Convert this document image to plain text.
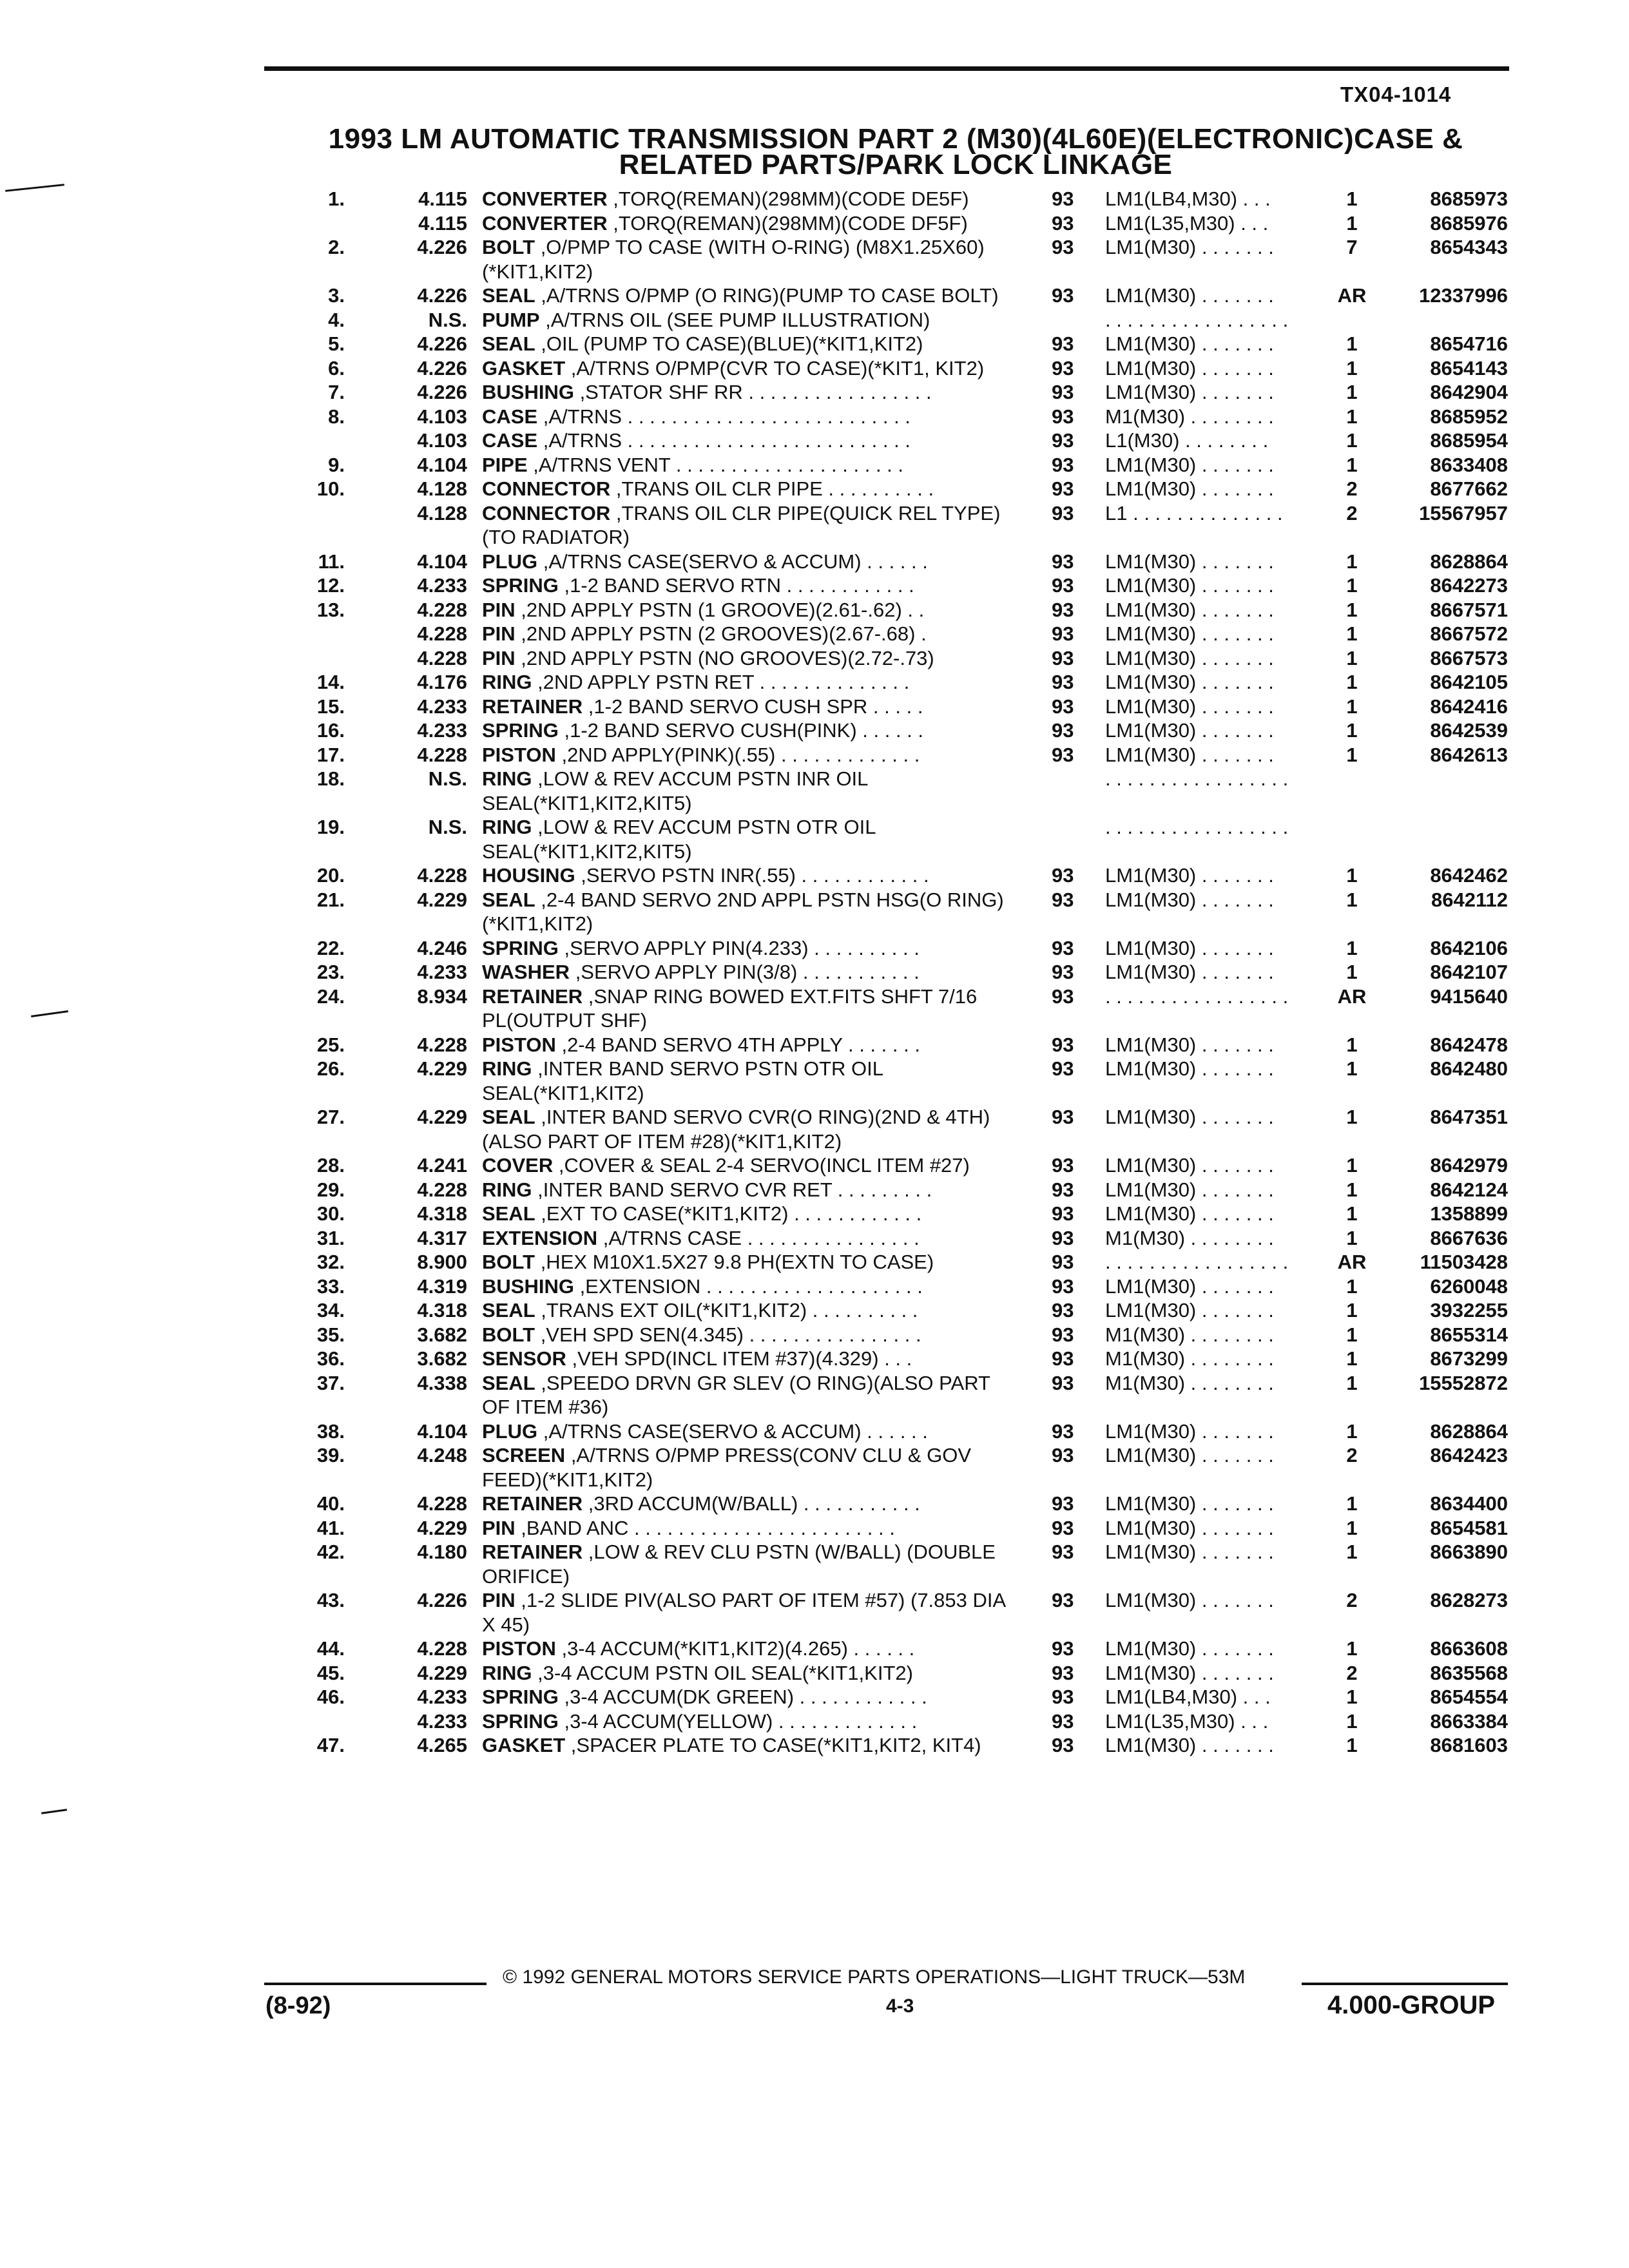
TX04-1014
1993 LM AUTOMATIC TRANSMISSION PART 2 (M30)(4L60E)(ELECTRONIC)CASE &
RELATED PARTS/PARK LOCK LINKAGE
1.	4.115 CONVERTER ,TORQ(REMAN)(298MM)(CODE DE5F)	93 LM1(LB4,M30) . . .	1	8685973
4.115 CONVERTER ,TORQ(REMAN)(298MM)(CODE DF5F)	93 LM1(L35,M30) . . .	1	8685976
2.	4.226 BOLT ,O/PMP TO CASE (WITH O-RING) (M8X1.25X60)(*KIT1,KIT2)
93 LM1(M30) . . . . . . .	7	8654343
3.	4.226 SEAL ,A/TRNS O/PMP (O RING)(PUMP TO CASE BOLT)	93 LM1(M30) . . . . . . .	AR	12337996
4.	N.S. PUMP ,A/TRNS OIL (SEE PUMP ILLUSTRATION)	. . . . . . . . . . . . . . . . .
5.	4.226 SEAL ,OIL (PUMP TO CASE)(BLUE)(*KIT1,KIT2)	93 LM1(M30) . . . . . . .	1	8654716
6.	4.226 GASKET ,A/TRNS O/PMP(CVR TO CASE)(*KIT1, KIT2)	93 LM1(M30) . . . . . . .	1	8654143
7.	4.226 BUSHING ,STATOR SHF RR . . . . . . . . . . . . . . . . .	93 LM1(M30) . . . . . . .	1	8642904
8.	4.103 CASE ,A/TRNS . . . . . . . . . . . . . . . . . . . . . . . . . .	93 M1(M30) . . . . . . . .	1	8685952
4.103 CASE ,A/TRNS . . . . . . . . . . . . . . . . . . . . . . . . . .	93 L1(M30) . . . . . . . .	1	8685954
9.	4.104 PIPE ,A/TRNS VENT . . . . . . . . . . . . . . . . . . . . .	93 LM1(M30) . . . . . . .	1	8633408
10.	4.128 CONNECTOR ,TRANS OIL CLR PIPE . . . . . . . . . .	93 LM1(M30) . . . . . . .	2	8677662
4.128 CONNECTOR ,TRANS OIL CLR PIPE(QUICK REL TYPE)(TO RADIATOR)
93 L1 . . . . . . . . . . . . . .	2	15567957
11.	4.104 PLUG ,A/TRNS CASE(SERVO & ACCUM) . . . . . .	93 LM1(M30) . . . . . . .	1	8628864
12.	4.233 SPRING ,1-2 BAND SERVO RTN . . . . . . . . . . . .	93 LM1(M30) . . . . . . .	1	8642273
13.	4.228 PIN ,2ND APPLY PSTN (1 GROOVE)(2.61-.62) . .	93 LM1(M30) . . . . . . .	1	8667571
4.228 PIN ,2ND APPLY PSTN (2 GROOVES)(2.67-.68) .	93 LM1(M30) . . . . . . .	1	8667572
4.228 PIN ,2ND APPLY PSTN (NO GROOVES)(2.72-.73)	93 LM1(M30) . . . . . . .	1	8667573
14.	4.176 RING ,2ND APPLY PSTN RET . . . . . . . . . . . . . .	93 LM1(M30) . . . . . . .	1	8642105
15.	4.233 RETAINER ,1-2 BAND SERVO CUSH SPR . . . . .	93 LM1(M30) . . . . . . .	1	8642416
16.	4.233 SPRING ,1-2 BAND SERVO CUSH(PINK) . . . . . .	93 LM1(M30) . . . . . . .	1	8642539
17.	4.228 PISTON ,2ND APPLY(PINK)(.55) . . . . . . . . . . . . .	93 LM1(M30) . . . . . . .	1	8642613
18.	N.S. RING ,LOW & REV ACCUM PSTN INR OIL SEAL(*KIT1,KIT2,KIT5)
. . . . . . . . . . . . . . . . .
19.	N.S. RING ,LOW & REV ACCUM PSTN OTR OIL SEAL(*KIT1,KIT2,KIT5)
. . . . . . . . . . . . . . . . .
20.	4.228 HOUSING ,SERVO PSTN INR(.55) . . . . . . . . . . . .	93 LM1(M30) . . . . . . .	1	8642462
21.	4.229 SEAL ,2-4 BAND SERVO 2ND APPL PSTN HSG(O RING)(*KIT1,KIT2)
93 LM1(M30) . . . . . . .	1	8642112
22.	4.246 SPRING ,SERVO APPLY PIN(4.233) . . . . . . . . . .	93 LM1(M30) . . . . . . .	1	8642106
23.	4.233 WASHER ,SERVO APPLY PIN(3/8) . . . . . . . . . . .	93 LM1(M30) . . . . . . .	1	8642107
24.	8.934 RETAINER ,SNAP RING BOWED EXT.FITS SHFT 7/16 PL(OUTPUT SHF)
93 . . . . . . . . . . . . . . . . . AR	9415640
25.	4.228 PISTON ,2-4 BAND SERVO 4TH APPLY . . . . . . .	93 LM1(M30) . . . . . . .	1	8642478
26.	4.229 RING ,INTER BAND SERVO PSTN OTR OIL SEAL(*KIT1,KIT2)
93 LM1(M30) . . . . . . .	1	8642480
27.	4.229 SEAL ,INTER BAND SERVO CVR(O RING)(2ND & 4TH)(ALSO PART OF ITEM #28)(*KIT1,KIT2)
93 LM1(M30) . . . . . . .	1	8647351
28.	4.241 COVER ,COVER & SEAL 2-4 SERVO(INCL ITEM #27)	93 LM1(M30) . . . . . . .	1	8642979
29.	4.228 RING ,INTER BAND SERVO CVR RET . . . . . . . . .	93 LM1(M30) . . . . . . .	1	8642124
30.	4.318 SEAL ,EXT TO CASE(*KIT1,KIT2) . . . . . . . . . . . .	93 LM1(M30) . . . . . . .	1	1358899
31.	4.317 EXTENSION ,A/TRNS CASE . . . . . . . . . . . . . . . .	93 M1(M30) . . . . . . . .	1	8667636
32.	8.900 BOLT ,HEX M10X1.5X27 9.8 PH(EXTN TO CASE)	93 . . . . . . . . . . . . . . . . . AR	11503428
33.	4.319 BUSHING ,EXTENSION . . . . . . . . . . . . . . . . . . . .	93 LM1(M30) . . . . . . .	1	6260048
34.	4.318 SEAL ,TRANS EXT OIL(*KIT1,KIT2) . . . . . . . . . .	93 LM1(M30) . . . . . . .	1	3932255
35.	3.682 BOLT ,VEH SPD SEN(4.345) . . . . . . . . . . . . . . . .	93 M1(M30) . . . . . . . .	1	8655314
36.	3.682 SENSOR ,VEH SPD(INCL ITEM #37)(4.329) . . .	93 M1(M30) . . . . . . . .	1	8673299
37.	4.338 SEAL ,SPEEDO DRVN GR SLEV (O RING)(ALSO PART OF ITEM #36)
93 M1(M30) . . . . . . . .	1	15552872
38.	4.104 PLUG ,A/TRNS CASE(SERVO & ACCUM) . . . . . .	93 LM1(M30) . . . . . . .	1	8628864
39.	4.248 SCREEN ,A/TRNS O/PMP PRESS(CONV CLU & GOV FEED)(*KIT1,KIT2)
93 LM1(M30) . . . . . . .	2	8642423
40.	4.228 RETAINER ,3RD ACCUM(W/BALL) . . . . . . . . . . .	93 LM1(M30) . . . . . . .	1	8634400
41.	4.229 PIN ,BAND ANC . . . . . . . . . . . . . . . . . . . . . . . .	93 LM1(M30) . . . . . . .	1	8654581
42.	4.180 RETAINER ,LOW & REV CLU PSTN (W/BALL) (DOUBLE ORIFICE)
93 LM1(M30) . . . . . . .	1	8663890
43.	4.226 PIN ,1-2 SLIDE PIV(ALSO PART OF ITEM #57) (7.853 DIA X 45)
93 LM1(M30) . . . . . . .	2	8628273
44.	4.228 PISTON ,3-4 ACCUM(*KIT1,KIT2)(4.265) . . . . . .	93 LM1(M30) . . . . . . .	1	8663608
45.	4.229 RING ,3-4 ACCUM PSTN OIL SEAL(*KIT1,KIT2)	93 LM1(M30) . . . . . . .	2	8635568
46.	4.233 SPRING ,3-4 ACCUM(DK GREEN) . . . . . . . . . . . .	93 LM1(LB4,M30) . . .	1	8654554
4.233 SPRING ,3-4 ACCUM(YELLOW) . . . . . . . . . . . . .	93 LM1(L35,M30) . . .	1	8663384
47.	4.265 GASKET ,SPACER PLATE TO CASE(*KIT1,KIT2, KIT4)	93 LM1(M30) . . . . . . .	1	8681603
© 1992 GENERAL MOTORS SERVICE PARTS OPERATIONS—LIGHT TRUCK—53M
(8-92)	4-3	4.000-GROUP
